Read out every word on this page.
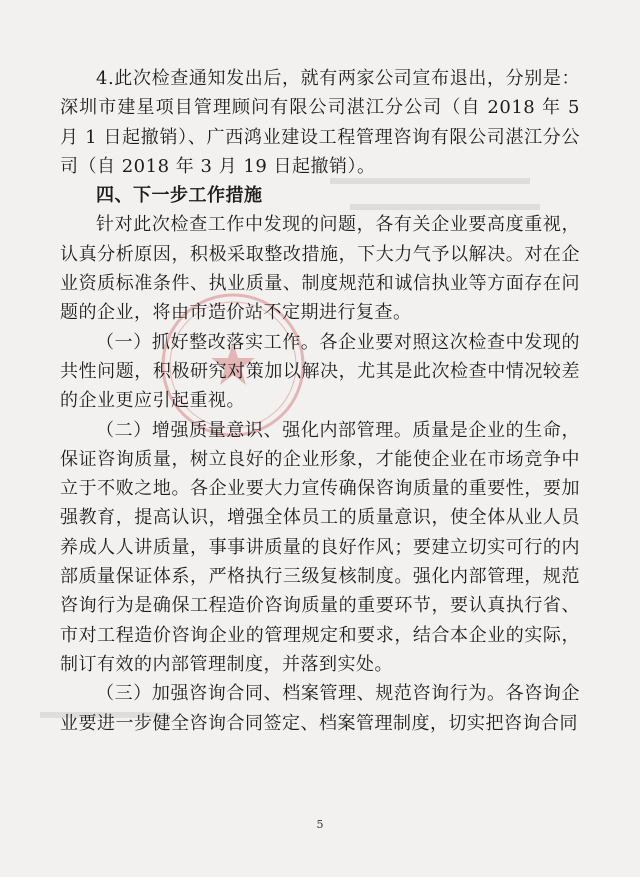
4.此次检查通知发出后，就有两家公司宣布退出，分别是：深圳市建星项目管理顾问有限公司湛江分公司（自 2018 年 5 月 1 日起撤销）、广西鸿业建设工程管理咨询有限公司湛江分公司（自 2018 年 3 月 19 日起撤销）。

四、下一步工作措施

针对此次检查工作中发现的问题，各有关企业要高度重视，认真分析原因，积极采取整改措施，下大力气予以解决。对在企业资质标准条件、执业质量、制度规范和诚信执业等方面存在问题的企业，将由市造价站不定期进行复查。

（一）抓好整改落实工作。各企业要对照这次检查中发现的共性问题，积极研究对策加以解决，尤其是此次检查中情况较差的企业更应引起重视。

（二）增强质量意识、强化内部管理。质量是企业的生命，保证咨询质量，树立良好的企业形象，才能使企业在市场竞争中立于不败之地。各企业要大力宣传确保咨询质量的重要性，要加强教育，提高认识，增强全体员工的质量意识，使全体从业人员养成人人讲质量，事事讲质量的良好作风；要建立切实可行的内部质量保证体系，严格执行三级复核制度。强化内部管理，规范咨询行为是确保工程造价咨询质量的重要环节，要认真执行省、市对工程造价咨询企业的管理规定和要求，结合本企业的实际，制订有效的内部管理制度，并落到实处。

（三）加强咨询合同、档案管理、规范咨询行为。各咨询企业要进一步健全咨询合同签定、档案管理制度，切实把咨询合同

5
